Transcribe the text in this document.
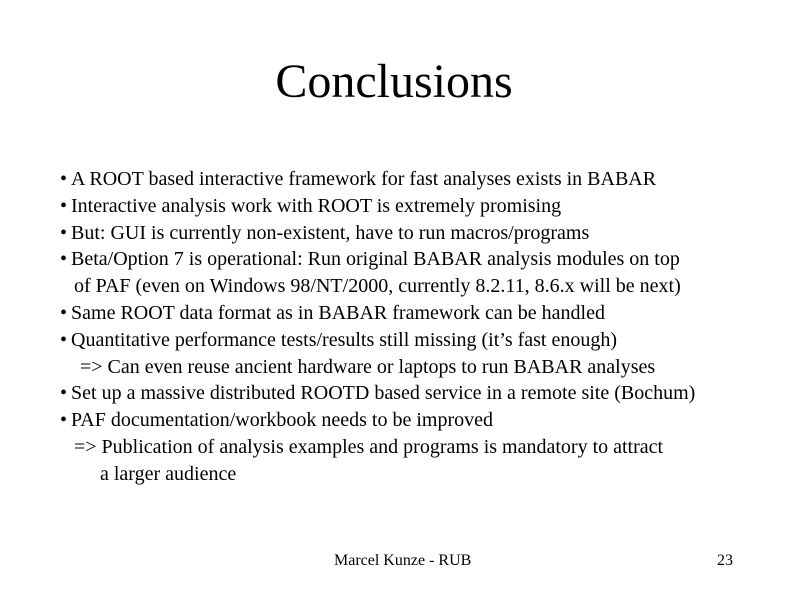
Conclusions
• A ROOT based interactive framework for fast analyses exists in BABAR
• Interactive analysis work with ROOT is extremely promising
• But: GUI is currently non-existent, have to run macros/programs
• Beta/Option 7 is operational: Run original BABAR analysis modules on top
of PAF (even on Windows 98/NT/2000, currently 8.2.11, 8.6.x will be next)
• Same ROOT data format as in BABAR framework can be handled
• Quantitative performance tests/results still missing (it’s fast enough)
=> Can even reuse ancient hardware or laptops to run BABAR analyses
• Set up a massive distributed ROOTD based service in a remote site (Bochum)
• PAF documentation/workbook needs to be improved
=> Publication of analysis examples and programs is mandatory to attract
a larger audience
Marcel Kunze - RUB	23
